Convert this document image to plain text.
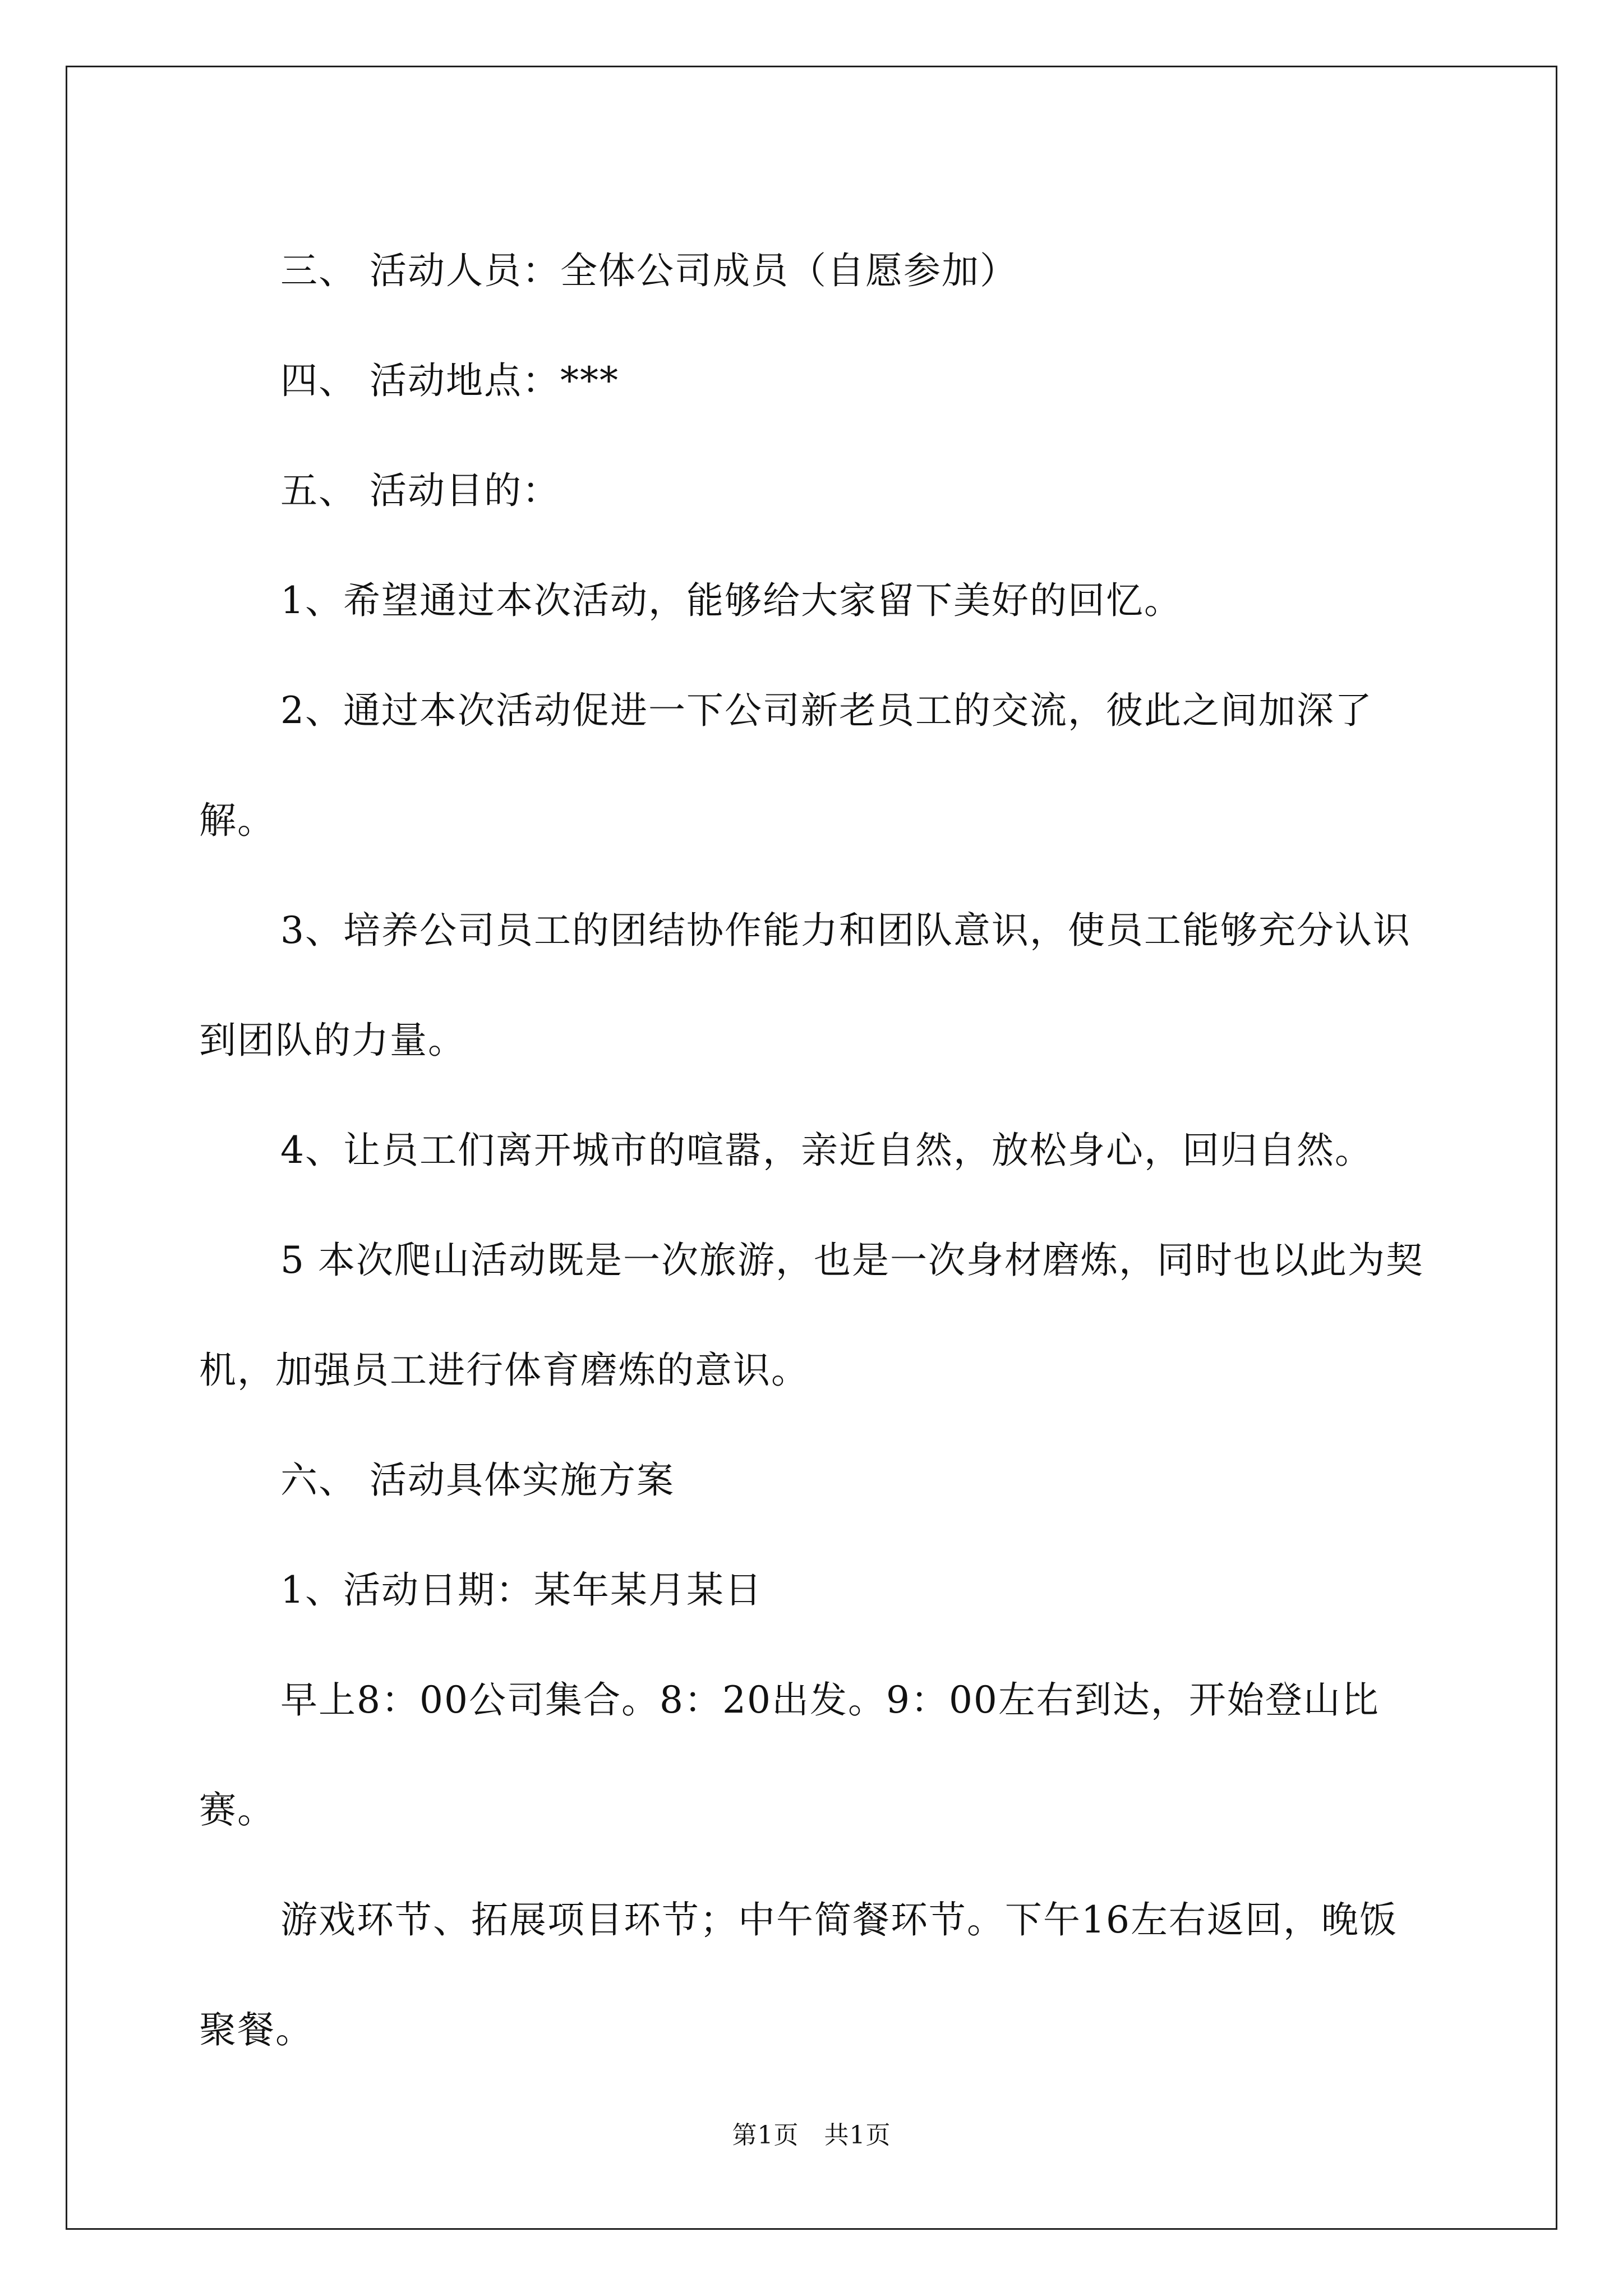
三、 活动人员：全体公司成员（自愿参加）

四、 活动地点：***

五、 活动目的：

1、希望通过本次活动，能够给大家留下美好的回忆。

2、通过本次活动促进一下公司新老员工的交流，彼此之间加深了解。

3、培养公司员工的团结协作能力和团队意识，使员工能够充分认识到团队的力量。

4、让员工们离开城市的喧嚣，亲近自然，放松身心，回归自然。

5 本次爬山活动既是一次旅游，也是一次身材磨炼，同时也以此为契机，加强员工进行体育磨炼的意识。

六、 活动具体实施方案

1、活动日期：某年某月某日

早上8：00公司集合。8：20出发。9：00左右到达，开始登山比赛。

游戏环节、拓展项目环节；中午简餐环节。下午16左右返回，晚饭聚餐。

第1页　共1页
